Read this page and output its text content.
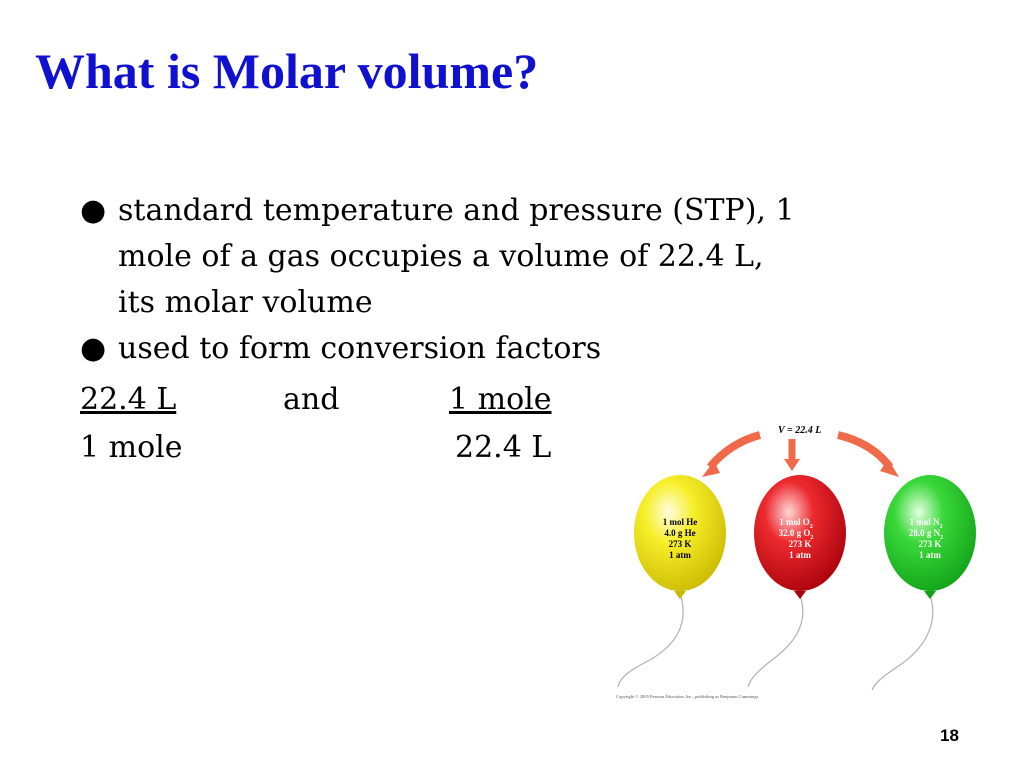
What is Molar volume?
● standard temperature and pressure (STP), 1
mole of a gas occupies a volume of 22.4 L,
its molar volume
● used to form conversion factors
22.4 L
1 mole
and	1 mole
22.4 L	V = 22.4 L
1 mol He
4.0 g He
273 K
1 atm
1 mol $O_2$
32.0 g $O_2$
273 K
1 atm
1 mol $N_2$
28.0 g $N_2$
273 K
1 atm
Copyright © 2005 Pearson Education, Inc., publishing as Benjamin Cummings
18
